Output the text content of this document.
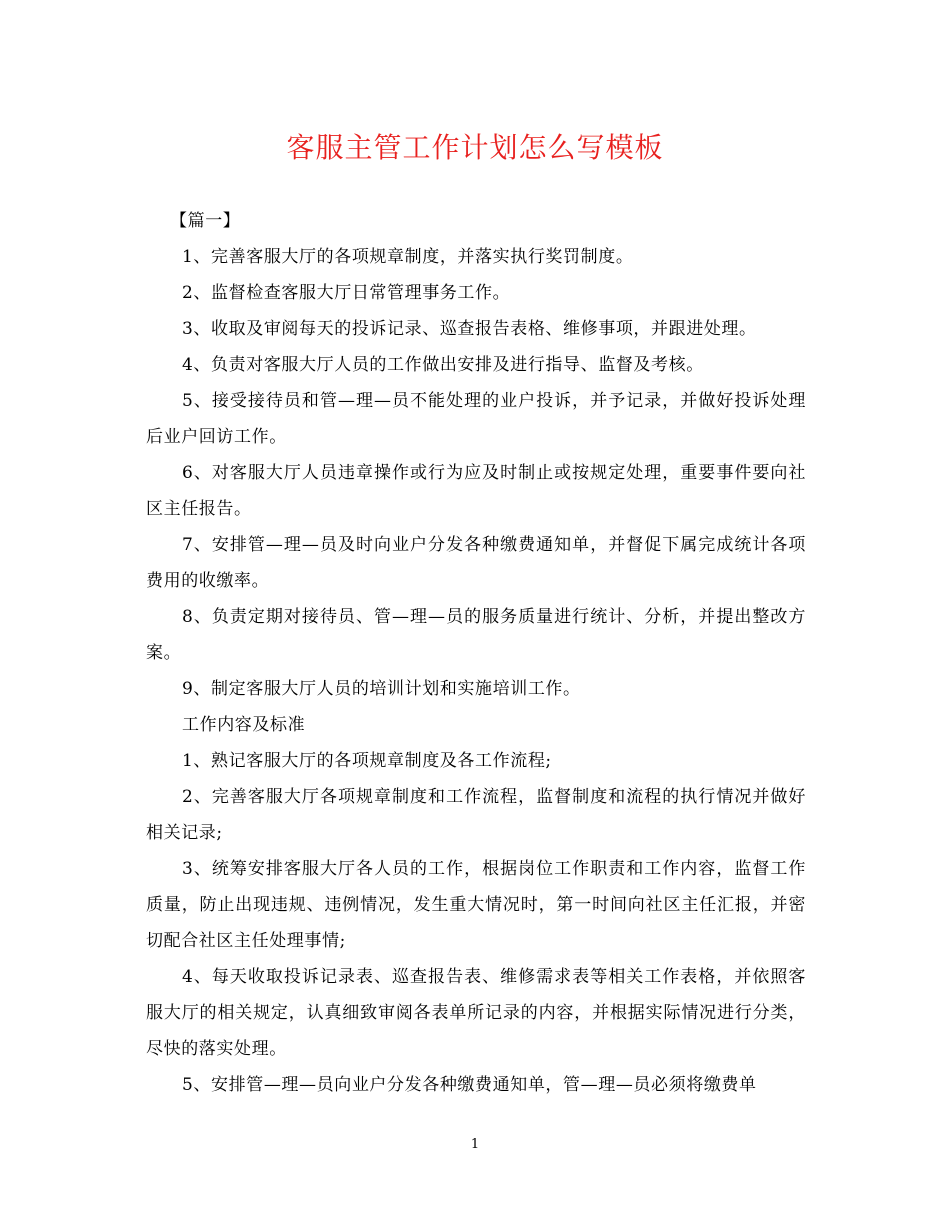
客服主管工作计划怎么写模板

【篇一】

1、完善客服大厅的各项规章制度，并落实执行奖罚制度。

2、监督检查客服大厅日常管理事务工作。

3、收取及审阅每天的投诉记录、巡查报告表格、维修事项，并跟进处理。

4、负责对客服大厅人员的工作做出安排及进行指导、监督及考核。

5、接受接待员和管—理—员不能处理的业户投诉，并予记录，并做好投诉处理后业户回访工作。

6、对客服大厅人员违章操作或行为应及时制止或按规定处理，重要事件要向社区主任报告。

7、安排管—理—员及时向业户分发各种缴费通知单，并督促下属完成统计各项费用的收缴率。

8、负责定期对接待员、管—理—员的服务质量进行统计、分析，并提出整改方案。

9、制定客服大厅人员的培训计划和实施培训工作。

工作内容及标准

1、熟记客服大厅的各项规章制度及各工作流程;

2、完善客服大厅各项规章制度和工作流程，监督制度和流程的执行情况并做好相关记录;

3、统筹安排客服大厅各人员的工作，根据岗位工作职责和工作内容，监督工作质量，防止出现违规、违例情况，发生重大情况时，第一时间向社区主任汇报，并密切配合社区主任处理事情;

4、每天收取投诉记录表、巡查报告表、维修需求表等相关工作表格，并依照客服大厅的相关规定，认真细致审阅各表单所记录的内容，并根据实际情况进行分类，尽快的落实处理。

5、安排管—理—员向业户分发各种缴费通知单，管—理—员必须将缴费单

1
